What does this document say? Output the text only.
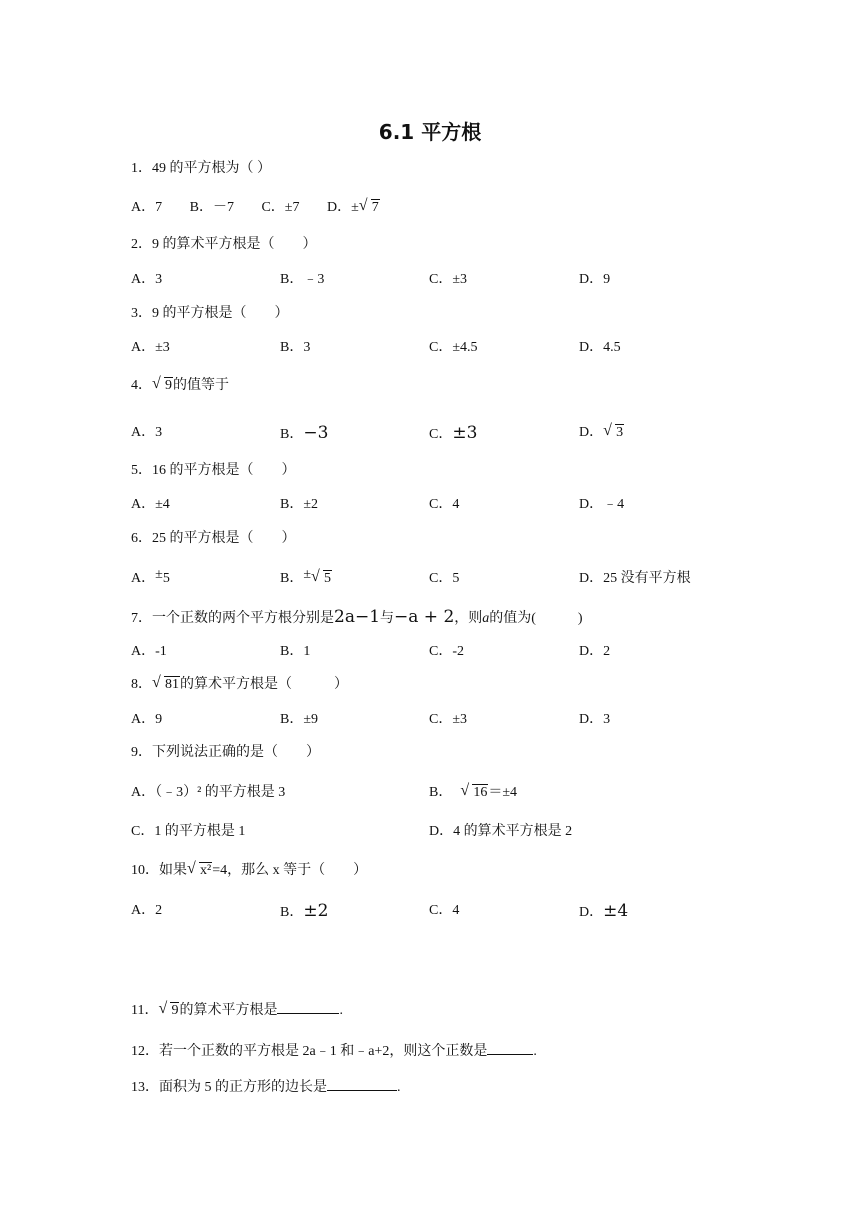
6.1 平方根
1．49 的平方根为（ ）
A．7 B．－7 C．±7 D．± √ 7
2．9 的算术平方根是（　　）
A．3	B．﹣3	C．±3	D．9
3．9 的平方根是（　　）
A．±3	B．3	C．±4.5	D．4.5
4． √ 9的值等于
A．3	B．−3	C．±3	D． √ 3
5．16 的平方根是（　　）
A．±4	B．±2	C．4	D．﹣4
6．25 的平方根是（　　）
A．±5	B．± √ 5	C．5	D．25 没有平方根
7．一个正数的两个平方根分别是2a−1与−a + 2，则a的值为(　　　)
A．-1	B．1	C．-2	D．2
8． √ 81的算术平方根是（　　　）
A．9	B．±9	C．±3	D．3
9．下列说法正确的是（　　）
A．（﹣3）² 的平方根是 3	B． √ 16＝±4
C．1 的平方根是 1	D．4 的算术平方根是 2
10．如果 √ x²=4，那么 x 等于（　　）
A．2	B．±2	C．4	D．±4
11． √ 9的算术平方根是	.
12．若一个正数的平方根是 2a﹣1 和﹣a+2，则这个正数是	.
13．面积为 5 的正方形的边长是	.
